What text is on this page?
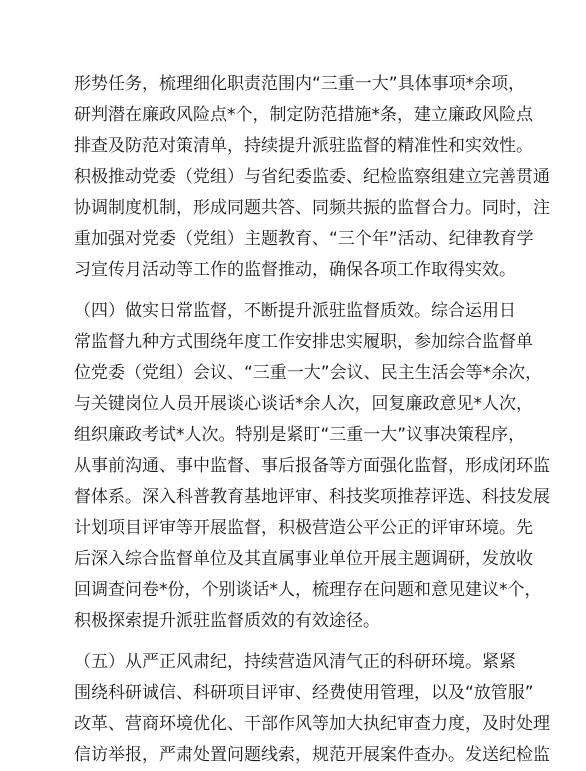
形势任务，梳理细化职责范围内“三重一大”具体事项*余项，
研判潜在廉政风险点*个，制定防范措施*条，建立廉政风险点
排查及防范对策清单，持续提升派驻监督的精准性和实效性。
积极推动党委（党组）与省纪委监委、纪检监察组建立完善贯通
协调制度机制，形成同题共答、同频共振的监督合力。同时，注
重加强对党委（党组）主题教育、“三个年”活动、纪律教育学
习宣传月活动等工作的监督推动，确保各项工作取得实效。
（四）做实日常监督，不断提升派驻监督质效。综合运用日
常监督九种方式围绕年度工作安排忠实履职，参加综合监督单
位党委（党组）会议、“三重一大”会议、民主生活会等*余次，
与关键岗位人员开展谈心谈话*余人次，回复廉政意见*人次，
组织廉政考试*人次。特别是紧盯“三重一大”议事决策程序，
从事前沟通、事中监督、事后报备等方面强化监督，形成闭环监
督体系。深入科普教育基地评审、科技奖项推荐评选、科技发展
计划项目评审等开展监督，积极营造公平公正的评审环境。先
后深入综合监督单位及其直属事业单位开展主题调研，发放收
回调查问卷*份，个别谈话*人，梳理存在问题和意见建议*个，
积极探索提升派驻监督质效的有效途径。
（五）从严正风肃纪，持续营造风清气正的科研环境。紧紧
围绕科研诚信、科研项目评审、经费使用管理，以及“放管服”
改革、营商环境优化、干部作风等加大执纪审查力度，及时处理
信访举报，严肃处置问题线索，规范开展案件查办。发送纪检监
